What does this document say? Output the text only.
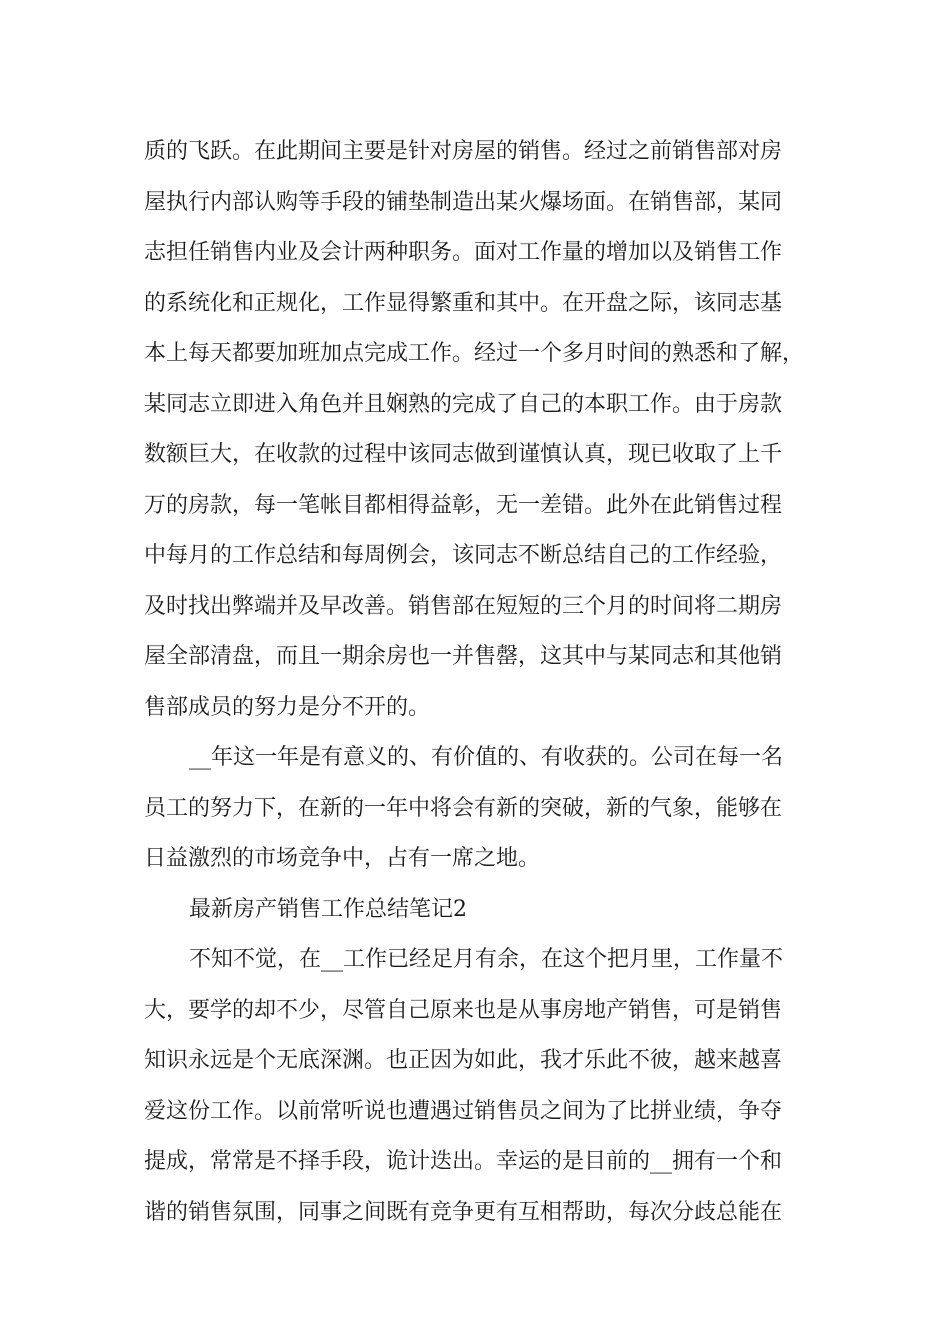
质的飞跃。在此期间主要是针对房屋的销售。经过之前销售部对房
屋执行内部认购等手段的铺垫制造出某火爆场面。在销售部，某同
志担任销售内业及会计两种职务。面对工作量的增加以及销售工作
的系统化和正规化，工作显得繁重和其中。在开盘之际，该同志基
本上每天都要加班加点完成工作。经过一个多月时间的熟悉和了解，
某同志立即进入角色并且娴熟的完成了自己的本职工作。由于房款
数额巨大，在收款的过程中该同志做到谨慎认真，现已收取了上千
万的房款，每一笔帐目都相得益彰，无一差错。此外在此销售过程
中每月的工作总结和每周例会，该同志不断总结自己的工作经验，
及时找出弊端并及早改善。销售部在短短的三个月的时间将二期房
屋全部清盘，而且一期余房也一并售罄，这其中与某同志和其他销
售部成员的努力是分不开的。
__年这一年是有意义的、有价值的、有收获的。公司在每一名
员工的努力下，在新的一年中将会有新的突破，新的气象，能够在
日益激烈的市场竞争中，占有一席之地。
最新房产销售工作总结笔记2
不知不觉，在__工作已经足月有余，在这个把月里，工作量不
大，要学的却不少，尽管自己原来也是从事房地产销售，可是销售
知识永远是个无底深渊。也正因为如此，我才乐此不彼，越来越喜
爱这份工作。以前常听说也遭遇过销售员之间为了比拼业绩，争夺
提成，常常是不择手段，诡计迭出。幸运的是目前的__拥有一个和
谐的销售氛围，同事之间既有竞争更有互相帮助，每次分歧总能在
